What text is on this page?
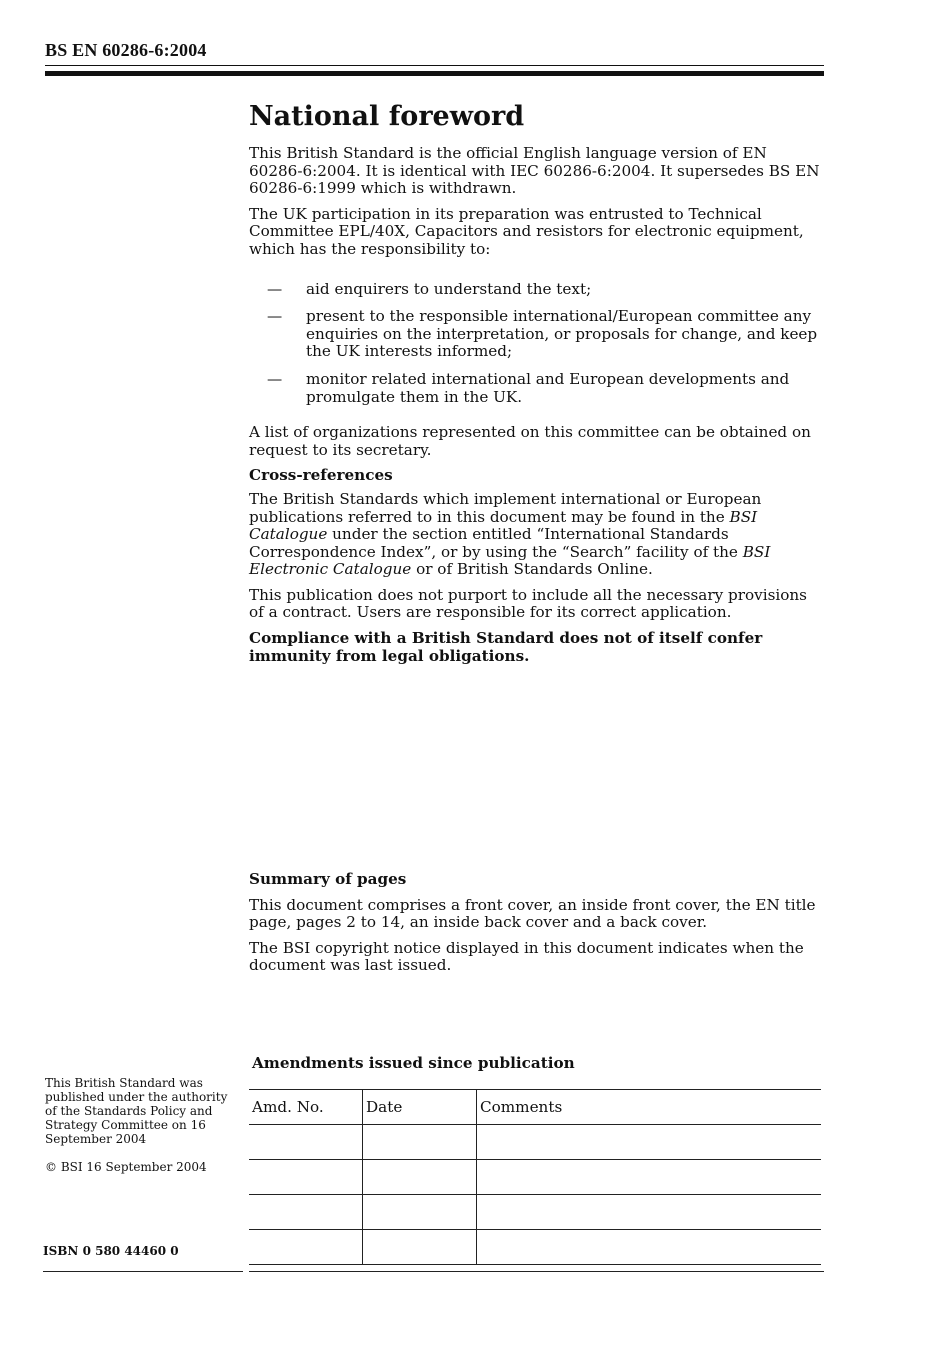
BS EN 60286-6:2004
National foreword

This British Standard is the official English language version of EN 60286-6:2004. It is identical with IEC 60286-6:2004. It supersedes BS EN 60286-6:1999 which is withdrawn.

The UK participation in its preparation was entrusted to Technical Committee EPL/40X, Capacitors and resistors for electronic equipment, which has the responsibility to:

— aid enquirers to understand the text;
— present to the responsible international/European committee any enquiries on the interpretation, or proposals for change, and keep the UK interests informed;
— monitor related international and European developments and promulgate them in the UK.

A list of organizations represented on this committee can be obtained on request to its secretary.

Cross-references

The British Standards which implement international or European publications referred to in this document may be found in the BSI Catalogue under the section entitled “International Standards Correspondence Index”, or by using the “Search” facility of the BSI Electronic Catalogue or of British Standards Online.

This publication does not purport to include all the necessary provisions of a contract. Users are responsible for its correct application.

Compliance with a British Standard does not of itself confer immunity from legal obligations.

Summary of pages

This document comprises a front cover, an inside front cover, the EN title page, pages 2 to 14, an inside back cover and a back cover.

The BSI copyright notice displayed in this document indicates when the document was last issued.

Amendments issued since publication
Amd. No.	Date	Comments

This British Standard was published under the authority of the Standards Policy and Strategy Committee on 16 September 2004

© BSI 16 September 2004

ISBN 0 580 44460 0
